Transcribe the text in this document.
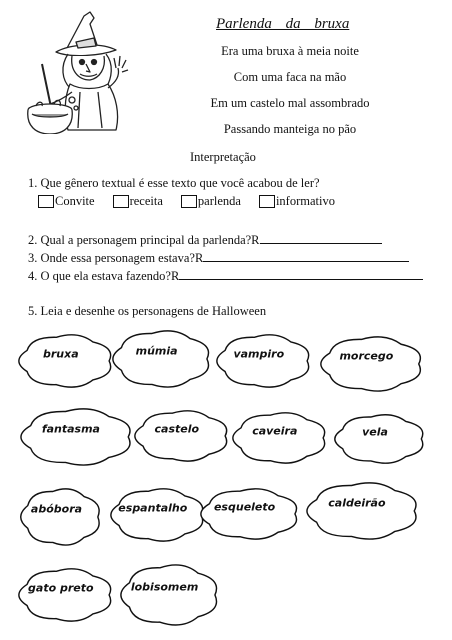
Parlenda da bruxa
Era uma bruxa à meia noite
Com uma faca na mão
Em um castelo mal assombrado
Passando manteiga no pão
Interpretação
1. Que gênero textual é esse texto que você acabou de ler?
Convite	receita	parlenda	informativo
2. Qual a personagem principal da parlenda?R
3. Onde essa personagem estava?R
4. O que ela estava fazendo?R
5. Leia e desenhe os personagens de Halloween
bruxa	múmia	vampiro	morcego
fantasma	castelo	caveira	vela
abóbora	espantalho esqueleto	caldeirão
gato preto	lobisomem
